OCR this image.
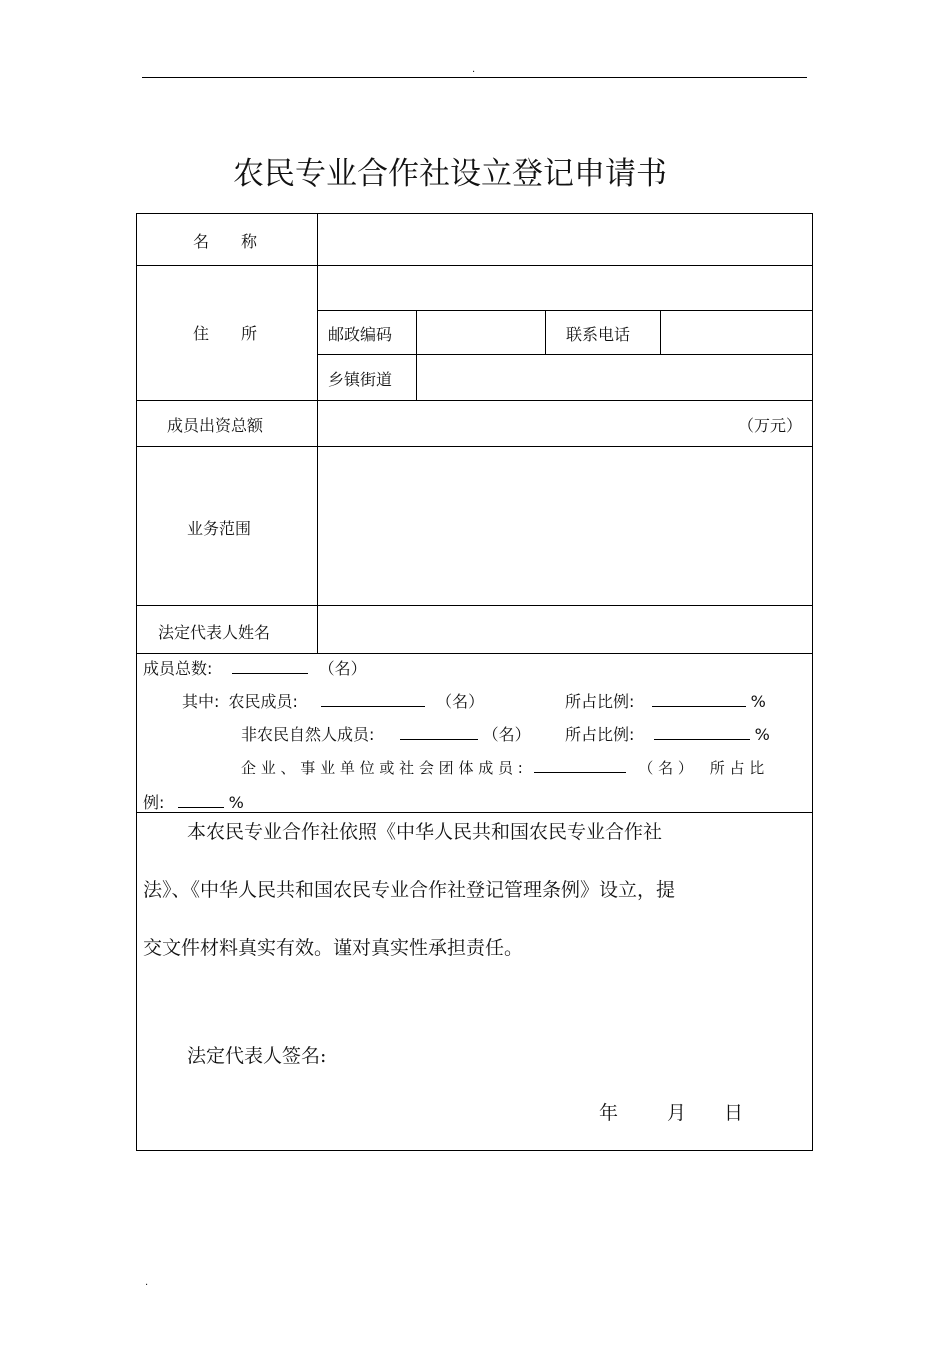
.
农民专业合作社设立登记申请书
名　　称
住　　所	邮政编码	联系电话
乡镇街道
成员出资总额	（万元）
业务范围
法定代表人姓名
成员总数:	（名）
其中: 农民成员:	（名）	所占比例:	%
非农民自然人成员:	（名） 所占比例:	%
企 业 、 事 业 单 位 或 社 会 团 体 成 员 :	（ 名 ） 所 占 比
例:	%
本农民专业合作社依照《中华人民共和国农民专业合作社
法》、《中华人民共和国农民专业合作社登记管理条例》设立，提
交文件材料真实有效。谨对真实性承担责任。
法定代表人签名:
年	月 日
.
